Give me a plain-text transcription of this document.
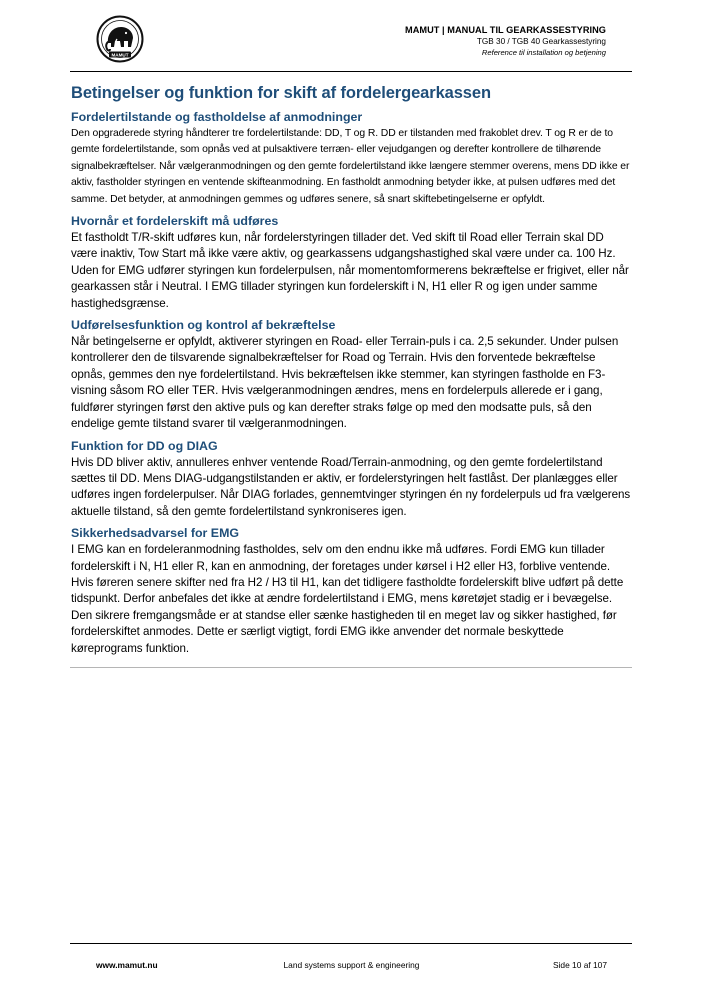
MAMUT
MAMUT | MANUAL TIL GEARKASSESTYRING
TGB 30 / TGB 40 Gearkassestyring
Reference til installation og betjening
Betingelser og funktion for skift af fordelergearkassen
Fordelertilstande og fastholdelse af anmodninger

Den opgraderede styring håndterer tre fordelertilstande: DD, T og R. DD er tilstanden med frakoblet drev. T og R er de to gemte fordelertilstande, som opnås ved at pulsaktivere terræn- eller vejudgangen og derefter kontrollere de tilhørende signalbekræftelser. Når vælgeranmodningen og den gemte fordelertilstand ikke længere stemmer overens, mens DD ikke er aktiv, fastholder styringen en ventende skifteanmodning. En fastholdt anmodning betyder ikke, at pulsen udføres med det samme. Det betyder, at anmodningen gemmes og udføres senere, så snart skiftebetingelserne er opfyldt.

Hvornår et fordelerskift må udføres

Et fastholdt T/R-skift udføres kun, når fordelerstyringen tillader det. Ved skift til Road eller Terrain skal DD være inaktiv, Tow Start må ikke være aktiv, og gearkassens udgangshastighed skal være under ca. 100 Hz. Uden for EMG udfører styringen kun fordelerpulsen, når momentomformerens bekræftelse er frigivet, eller når gearkassen står i Neutral. I EMG tillader styringen kun fordelerskift i N, H1 eller R og igen under samme hastighedsgrænse.

Udførelsesfunktion og kontrol af bekræftelse

Når betingelserne er opfyldt, aktiverer styringen en Road- eller Terrain-puls i ca. 2,5 sekunder. Under pulsen kontrollerer den de tilsvarende signalbekræftelser for Road og Terrain. Hvis den forventede bekræftelse opnås, gemmes den nye fordelertilstand. Hvis bekræftelsen ikke stemmer, kan styringen fastholde en F3-visning såsom RO eller TER. Hvis vælgeranmodningen ændres, mens en fordelerpuls allerede er i gang, fuldfører styringen først den aktive puls og kan derefter straks følge op med den modsatte puls, så den endelige gemte tilstand svarer til vælgeranmodningen.

Funktion for DD og DIAG

Hvis DD bliver aktiv, annulleres enhver ventende Road/Terrain-anmodning, og den gemte fordelertilstand sættes til DD. Mens DIAG-udgangstilstanden er aktiv, er fordelerstyringen helt fastlåst. Der planlægges eller udføres ingen fordelerpulser. Når DIAG forlades, gennemtvinger styringen én ny fordelerpuls ud fra vælgerens aktuelle tilstand, så den gemte fordelertilstand synkroniseres igen.

Sikkerhedsadvarsel for EMG

I EMG kan en fordeleranmodning fastholdes, selv om den endnu ikke må udføres. Fordi EMG kun tillader fordelerskift i N, H1 eller R, kan en anmodning, der foretages under kørsel i H2 eller H3, forblive ventende. Hvis føreren senere skifter ned fra H2 / H3 til H1, kan det tidligere fastholdte fordelerskift blive udført på dette tidspunkt. Derfor anbefales det ikke at ændre fordelertilstand i EMG, mens køretøjet stadig er i bevægelse. Den sikrere fremgangsmåde er at standse eller sænke hastigheden til en meget lav og sikker hastighed, før fordelerskiftet anmodes. Dette er særligt vigtigt, fordi EMG ikke anvender det normale beskyttede køreprograms funktion.

www.mamut.nu	Land systems support & engineering	Side 10 af 107
